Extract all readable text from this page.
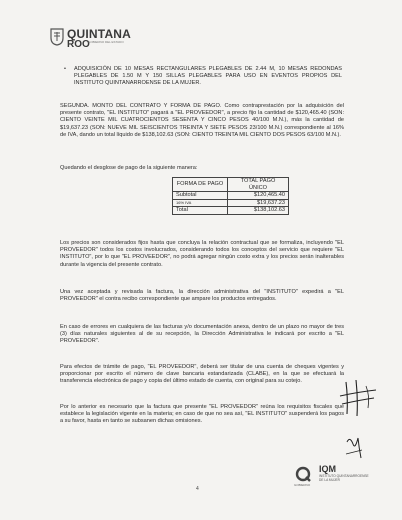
QUINTANA
ROO
GOBIERNO DEL ESTADO
• ADQUISICIÓN DE 10 MESAS RECTANGULARES PLEGABLES DE 2.44 M, 10 MESAS REDONDAS PLEGABLES DE 1.50 M Y 150 SILLAS PLEGABLES PARA USO EN EVENTOS PROPIOS DEL INSTITUTO QUINTANARROENSE DE LA MUJER.
SEGUNDA. MONTO DEL CONTRATO Y FORMA DE PAGO. Como contraprestación por la adquisición del presente contrato, "EL INSTITUTO" pagará a "EL PROVEEDOR", a precio fijo la cantidad de $120,465.40 (SON: CIENTO VEINTE MIL CUATROCIENTOS SESENTA Y CINCO PESOS 40/100 M.N.), más la cantidad de $19,637.23 (SON: NUEVE MIL SEISCIENTOS TREINTA Y SIETE PESOS 23/100 M.N.) correspondiente al 16% de IVA, dando un total líquido de $138,102.63 (SON: CIENTO TREINTA MIL CIENTO DOS PESOS 63/100 M.N.).
Quedando el desglose de pago de la siguiente manera:
FORMA DE PAGO	TOTAL PAGO ÚNICO
Subtotal	$120,465.40
16% IVA	$19,637.23
Total	$138,102.63
Los precios son considerados fijos hasta que concluya la relación contractual que se formaliza, incluyendo "EL PROVEEDOR" todos los costos involucrados, considerando todos los conceptos del servicio que requiere "EL INSTITUTO", por lo que "EL PROVEEDOR", no podrá agregar ningún costo extra y los precios serán inalterables durante la vigencia del presente contrato.
Una vez aceptada y revisada la factura, la dirección administrativa del "INSTITUTO" expedirá a "EL PROVEEDOR" el contra recibo correspondiente que ampare los productos entregados.
En caso de errores en cualquiera de las facturas y/o documentación anexa, dentro de un plazo no mayor de tres (3) días naturales siguientes al de su recepción, la Dirección Administrativa le indicará por escrito a "EL PROVEEDOR".
Para efectos de trámite de pago, "EL PROVEEDOR", deberá ser titular de una cuenta de cheques vigentes y proporcionar por escrito el número de clave bancaria estandarizada (CLABE), en la que se efectuará la transferencia electrónica de pago y copia del último estado de cuenta, con original para su cotejo.
Por lo anterior es necesario que la factura que presente "EL PROVEEDOR" reúna los requisitos fiscales que establece la legislación vigente en la materia; en caso de que no sea así, "EL INSTITUTO" suspenderá los pagos a su favor, hasta en tanto se subsanen dichas omisiones.
GOBIERNO
IQM
INSTITUTO QUINTANARROENSE DE LA MUJER
4
